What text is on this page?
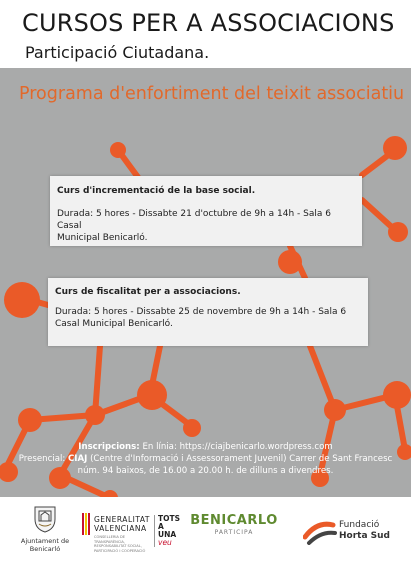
CURSOS PER A ASSOCIACIONS
Participació Ciutadana.
Programa d'enfortiment del teixit associatiu

Curs d'incrementació de la base social.

Durada: 5 hores - Dissabte 21 d'octubre de 9h a 14h - Sala 6 Casal
Municipal Benicarló.

Curs de fiscalitat per a associacions.

Durada: 5 hores - Dissabte 25 de novembre de 9h a 14h - Sala 6
Casal Municipal Benicarló.

Inscripcions: En línia: https://ciajbenicarlo.wordpress.com
Presencial: CIAJ (Centre d'Informació i Assessorament Juvenil) Carrer de Sant Francesc
núm. 94 baixos, de 16.00 a 20.00 h. de dilluns a divendres.
Ajuntament de Benicarló
GENERALITAT
VALENCIANA
CONSELLERIA DE TRANSPARÈNCIA, RESPONSABILITAT SOCIAL, PARTICIPACIÓ I COOPERACIÓ
TOTS
A UNA
veu
BENICARLO
PARTICIPA
Fundació
Horta Sud
